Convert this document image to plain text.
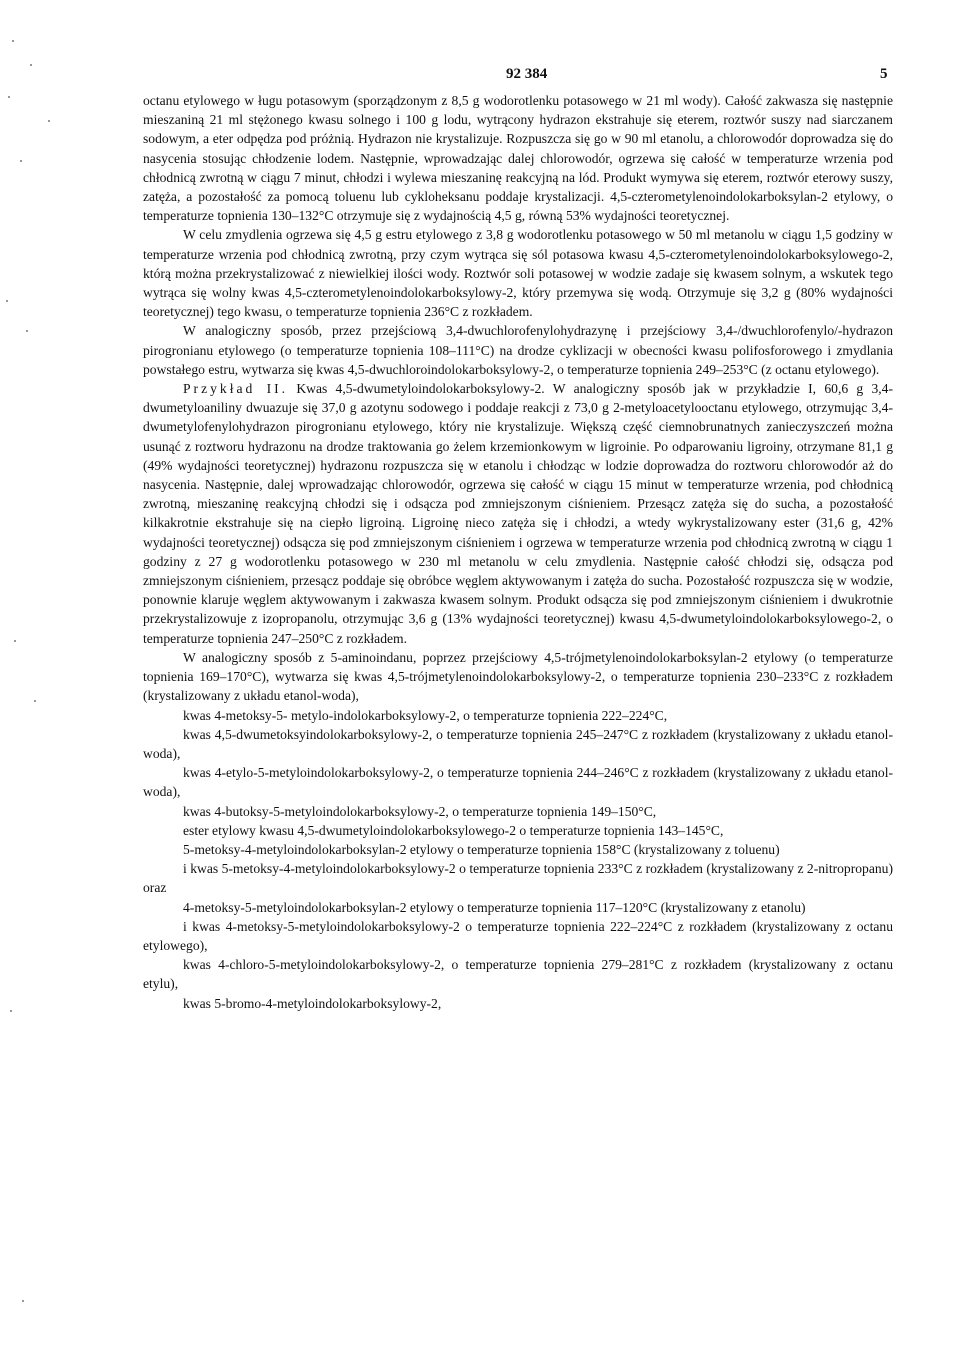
92 384	5

octanu etylowego w ługu potasowym (sporządzonym z 8,5 g wodorotlenku potasowego w 21 ml wody). Całość zakwasza się następnie mieszaniną 21 ml stężonego kwasu solnego i 100 g lodu, wytrącony hydrazon ekstrahuje się eterem, roztwór suszy nad siarczanem sodowym, a eter odpędza pod próżnią. Hydrazon nie krystalizuje. Rozpuszcza się go w 90 ml etanolu, a chlorowodór doprowadza się do nasycenia stosując chłodzenie lodem. Następnie, wprowadzając dalej chlorowodór, ogrzewa się całość w temperaturze wrzenia pod chłodnicą zwrotną w ciągu 7 minut, chłodzi i wylewa mieszaninę reakcyjną na lód. Produkt wymywa się eterem, roztwór eterowy suszy, zatęża, a pozostałość za pomocą toluenu lub cykloheksanu poddaje krystalizacji. 4,5-czterometylenoindolokarboksylan-2 etylowy, o temperaturze topnienia 130–132°C otrzymuje się z wydajnością 4,5 g, równą 53% wydajności teoretycznej.

W celu zmydlenia ogrzewa się 4,5 g estru etylowego z 3,8 g wodorotlenku potasowego w 50 ml metanolu w ciągu 1,5 godziny w temperaturze wrzenia pod chłodnicą zwrotną, przy czym wytrąca się sól potasowa kwasu 4,5-czterometylenoindolokarboksylowego-2, którą można przekrystalizować z niewielkiej ilości wody. Roztwór soli potasowej w wodzie zadaje się kwasem solnym, a wskutek tego wytrąca się wolny kwas 4,5-czterometylenoindolokarboksylowy-2, który przemywa się wodą. Otrzymuje się 3,2 g (80% wydajności teoretycznej) tego kwasu, o temperaturze topnienia 236°C z rozkładem.

W analogiczny sposób, przez przejściową 3,4-dwuchlorofenylohydrazynę i przejściowy 3,4-/dwuchlorofenylo/-hydrazon pirogronianu etylowego (o temperaturze topnienia 108–111°C) na drodze cyklizacji w obecności kwasu polifosforowego i zmydlania powstałego estru, wytwarza się kwas 4,5-dwuchloroindolokarboksylowy-2, o temperaturze topnienia 249–253°C (z octanu etylowego).

Przykład II. Kwas 4,5-dwumetyloindolokarboksylowy-2. W analogiczny sposób jak w przykładzie I, 60,6 g 3,4-dwumetyloaniliny dwuazuje się 37,0 g azotynu sodowego i poddaje reakcji z 73,0 g 2-metyloacetylooctanu etylowego, otrzymując 3,4-dwumetylofenylohydrazon pirogronianu etylowego, który nie krystalizuje. Większą część ciemnobrunatnych zanieczyszczeń można usunąć z roztworu hydrazonu na drodze traktowania go żelem krzemionkowym w ligroinie. Po odparowaniu ligroiny, otrzymane 81,1 g (49% wydajności teoretycznej) hydrazonu rozpuszcza się w etanolu i chłodząc w lodzie doprowadza do roztworu chlorowodór aż do nasycenia. Następnie, dalej wprowadzając chlorowodór, ogrzewa się całość w ciągu 15 minut w temperaturze wrzenia, pod chłodnicą zwrotną, mieszaninę reakcyjną chłodzi się i odsącza pod zmniejszonym ciśnieniem. Przesącz zatęża się do sucha, a pozostałość kilkakrotnie ekstrahuje się na ciepło ligroiną. Ligroinę nieco zatęża się i chłodzi, a wtedy wykrystalizowany ester (31,6 g, 42% wydajności teoretycznej) odsącza się pod zmniejszonym ciśnieniem i ogrzewa w temperaturze wrzenia pod chłodnicą zwrotną w ciągu 1 godziny z 27 g wodorotlenku potasowego w 230 ml metanolu w celu zmydlenia. Następnie całość chłodzi się, odsącza pod zmniejszonym ciśnieniem, przesącz poddaje się obróbce węglem aktywowanym i zatęża do sucha. Pozostałość rozpuszcza się w wodzie, ponownie klaruje węglem aktywowanym i zakwasza kwasem solnym. Produkt odsącza się pod zmniejszonym ciśnieniem i dwukrotnie przekrystalizowuje z izopropanolu, otrzymując 3,6 g (13% wydajności teoretycznej) kwasu 4,5-dwumetyloindolokarboksylowego-2, o temperaturze topnienia 247–250°C z rozkładem.

W analogiczny sposób z 5-aminoindanu, poprzez przejściowy 4,5-trójmetylenoindolokarboksylan-2 etylowy (o temperaturze topnienia 169–170°C), wytwarza się kwas 4,5-trójmetylenoindolokarboksylowy-2, o temperaturze topnienia 230–233°C z rozkładem (krystalizowany z układu etanol-woda),

kwas 4-metoksy-5- metylo-indolokarboksylowy-2, o temperaturze topnienia 222–224°C,

kwas 4,5-dwumetoksyindolokarboksylowy-2, o temperaturze topnienia 245–247°C z rozkładem (krystalizowany z układu etanol-woda),

kwas 4-etylo-5-metyloindolokarboksylowy-2, o temperaturze topnienia 244–246°C z rozkładem (krystalizowany z układu etanol-woda),

kwas 4-butoksy-5-metyloindolokarboksylowy-2, o temperaturze topnienia 149–150°C,

ester etylowy kwasu 4,5-dwumetyloindolokarboksylowego-2 o temperaturze topnienia 143–145°C,

5-metoksy-4-metyloindolokarboksylan-2 etylowy o temperaturze topnienia 158°C (krystalizowany z toluenu)

i kwas 5-metoksy-4-metyloindolokarboksylowy-2 o temperaturze topnienia 233°C z rozkładem (krystalizowany z 2-nitropropanu) oraz

4-metoksy-5-metyloindolokarboksylan-2 etylowy o temperaturze topnienia 117–120°C (krystalizowany z etanolu)

i kwas 4-metoksy-5-metyloindolokarboksylowy-2 o temperaturze topnienia 222–224°C z rozkładem (krystalizowany z octanu etylowego),

kwas 4-chloro-5-metyloindolokarboksylowy-2, o temperaturze topnienia 279–281°C z rozkładem (krystalizowany z octanu etylu),

kwas 5-bromo-4-metyloindolokarboksylowy-2,
